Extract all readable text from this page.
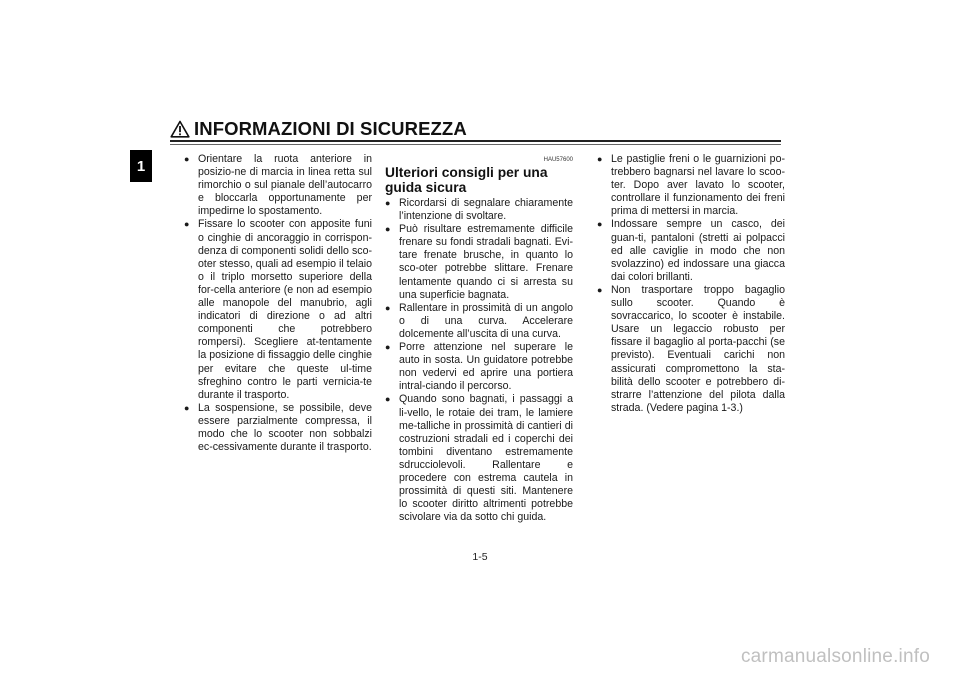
INFORMAZIONI DI SICUREZZA
1
●	Orientare la ruota anteriore in posizio-ne di marcia in linea retta sul rimorchio o sul pianale dell’autocarro e bloccarla opportunamente per impedirne lo spostamento.
● Fissare lo scooter con apposite funi o cinghie di ancoraggio in corrispon-denza di componenti solidi dello sco-oter stesso, quali ad esempio il telaio o il triplo morsetto superiore della for-cella anteriore (e non ad esempio alle manopole del manubrio, agli indicatori di direzione o ad altri componenti che potrebbero rompersi). Scegliere at-tentamente la posizione di fissaggio delle cinghie per evitare che queste ul-time sfreghino contro le parti vernicia-te durante il trasporto.
● La sospensione, se possibile, deve essere parzialmente compressa, il modo che lo scooter non sobbalzi ec-cessivamente durante il trasporto.
HAU57600
Ulteriori consigli per una guida sicura
● Ricordarsi di segnalare chiaramente l’intenzione di svoltare.
● Può risultare estremamente difficile frenare su fondi stradali bagnati. Evi-tare frenate brusche, in quanto lo sco-oter potrebbe slittare. Frenare lentamente quando ci si arresta su una superficie bagnata.
● Rallentare in prossimità di un angolo o di una curva. Accelerare dolcemente all’uscita di una curva.
● Porre attenzione nel superare le auto in sosta. Un guidatore potrebbe non vedervi ed aprire una portiera intral-ciando il percorso.
● Quando sono bagnati, i passaggi a li-vello, le rotaie dei tram, le lamiere me-talliche in prossimità di cantieri di costruzioni stradali ed i coperchi dei tombini diventano estremamente sdrucciolevoli. Rallentare e procedere con estrema cautela in prossimità di questi siti. Mantenere lo scooter diritto altrimenti potrebbe scivolare via da sotto chi guida.
● Le pastiglie freni o le guarnizioni po-trebbero bagnarsi nel lavare lo scoo-ter. Dopo aver lavato lo scooter, controllare il funzionamento dei freni prima di mettersi in marcia.
● Indossare sempre un casco, dei guan-ti, pantaloni (stretti ai polpacci ed alle caviglie in modo che non svolazzino) ed indossare una giacca dai colori brillanti.
● Non trasportare troppo bagaglio sullo scooter. Quando è sovraccarico, lo scooter è instabile. Usare un legaccio robusto per fissare il bagaglio al porta-pacchi (se previsto). Eventuali carichi non assicurati compromettono la sta-bilità dello scooter e potrebbero di-strarre l’attenzione del pilota dalla strada. (Vedere pagina 1-3.)
1-5
carmanualsonline.info
